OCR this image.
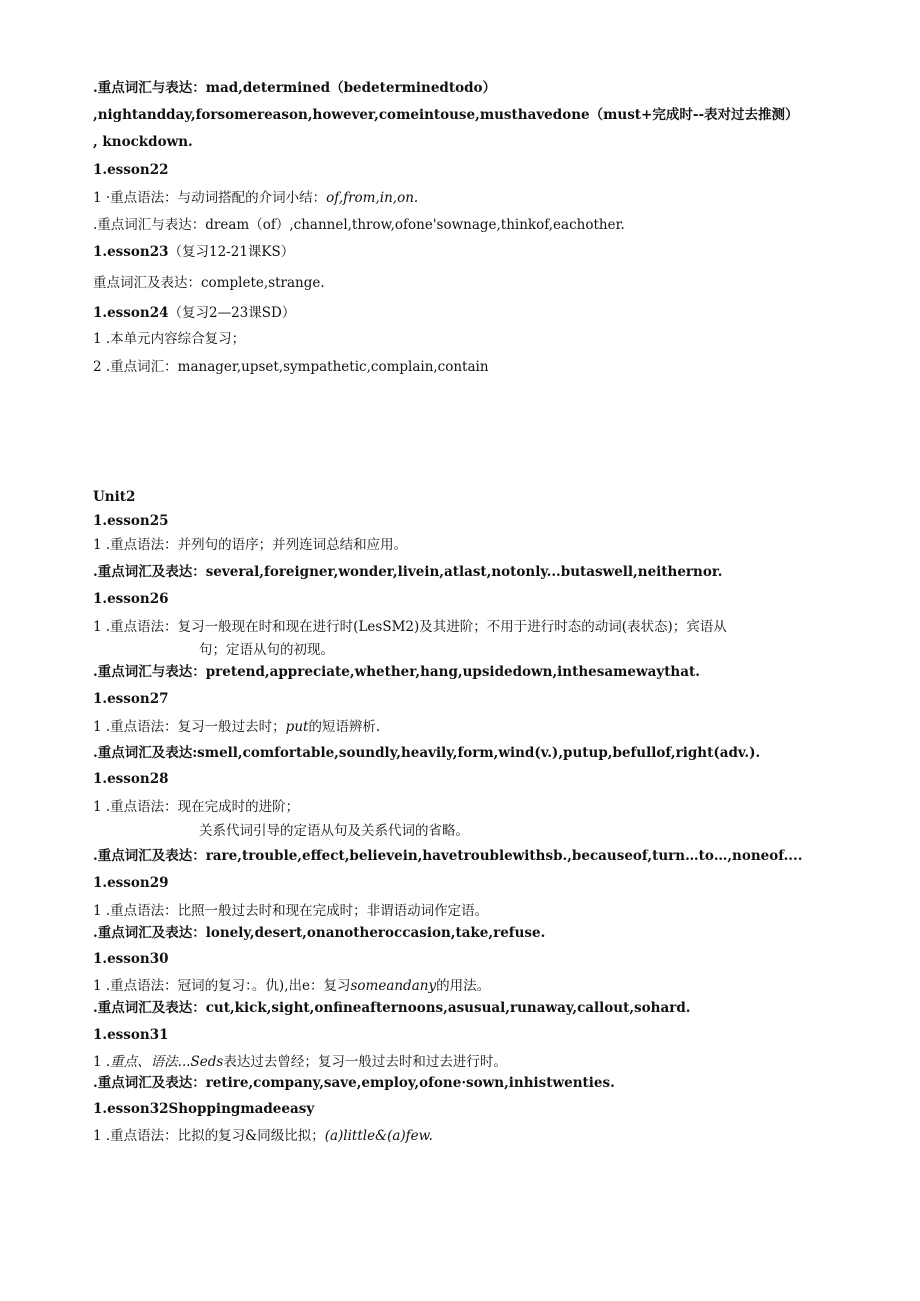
.重点词汇与表达：mad,determined（bedeterminedtodo）
,nightandday,forsomereason,however,comeintouse,musthavedone（must+完成时--表对过去推测）
, knockdown.
1.esson22
1 ·重点语法：与动词搭配的介词小结：of,from,in,on.
.重点词汇与表达：dream（of）,channel,throw,ofone'sownage,thinkof,eachother.
1.esson23（复习12-21课KS）
重点词汇及表达：complete,strange.
1.esson24（复习2—23课SD）
1 .本单元内容综合复习；
2 .重点词汇：manager,upset,sympathetic,complain,contain
Unit2
1.esson25
1 .重点语法：并列句的语序；并列连词总结和应用。
.重点词汇及表达：several,foreigner,wonder,livein,atlast,notonly...butaswell,neithernor.
1.esson26
1 .重点语法：复习一般现在时和现在进行时(LesSM2)及其进阶；不用于进行时态的动词(表状态)；宾语从
句；定语从句的初现。
.重点词汇与表达：pretend,appreciate,whether,hang,upsidedown,inthesamewaythat.
1.esson27
1 .重点语法：复习一般过去时；put的短语辨析.
.重点词汇及表达:smell,comfortable,soundly,heavily,form,wind(v.),putup,befullof,right(adv.).
1.esson28
1 .重点语法：现在完成时的进阶；
关系代词引导的定语从句及关系代词的省略。
.重点词汇及表达：rare,trouble,effect,believein,havetroublewithsb.,becauseof,turn…to…,noneof....
1.esson29
1 .重点语法：比照一般过去时和现在完成时；非谓语动词作定语。
.重点词汇及表达：lonely,desert,onanotheroccasion,take,refuse.
1.esson30
1 .重点语法：冠词的复习：。仇),出e：复习someandany的用法。
.重点词汇及表达：cut,kick,sight,onfineafternoons,asusual,runaway,callout,sohard.
1.esson31
1 .重点、语法...Seds表达过去曾经；复习一般过去时和过去进行时。
.重点词汇及表达：retire,company,save,employ,ofone·sown,inhistwenties.
1.esson32Shoppingmadeeasy
1 .重点语法：比拟的复习&同级比拟；(a)little&(a)few.
